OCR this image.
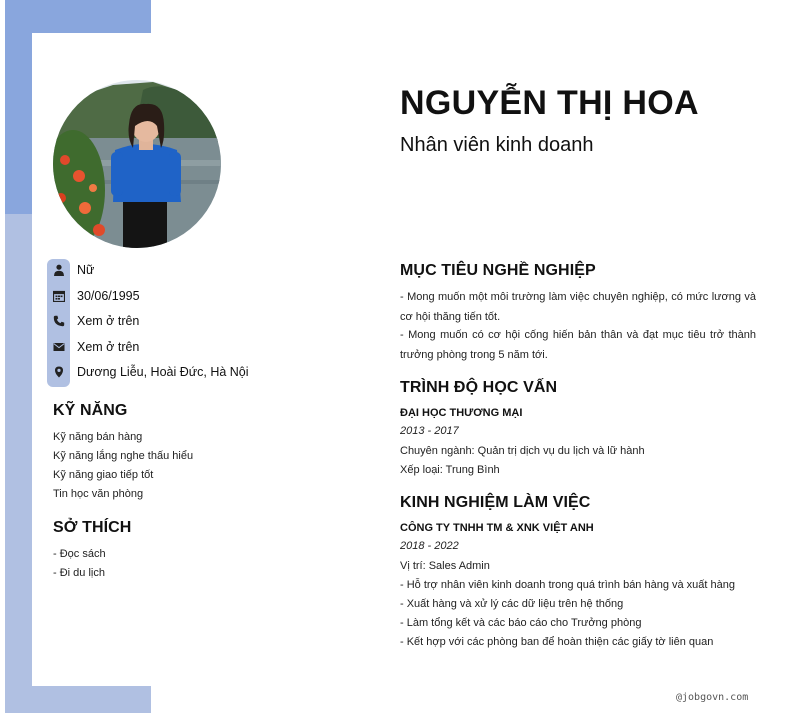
Nữ
30/06/1995
Xem ở trên
Xem ở trên
Dương Liễu, Hoài Đức, Hà Nội
KỸ NĂNG
Kỹ năng bán hàng
Kỹ năng lắng nghe thấu hiểu
Kỹ năng giao tiếp tốt
Tin học văn phòng
SỞ THÍCH
- Đọc sách
- Đi du lịch
NGUYỄN THỊ HOA
Nhân viên kinh doanh
MỤC TIÊU NGHỀ NGHIỆP
- Mong muốn một môi trường làm việc chuyên nghiệp, có mức lương và cơ hội thăng tiến tốt.
- Mong muốn có cơ hội cống hiến bản thân và đạt mục tiêu trở thành trưởng phòng trong 5 năm tới.
TRÌNH ĐỘ HỌC VẤN
ĐẠI HỌC THƯƠNG MẠI
2013 - 2017
Chuyên ngành: Quản trị dịch vụ du lịch và lữ hành
Xếp loại: Trung Bình
KINH NGHIỆM LÀM VIỆC
CÔNG TY TNHH TM & XNK VIỆT ANH
2018 - 2022
Vị trí: Sales Admin
- Hỗ trợ nhân viên kinh doanh trong quá trình bán hàng và xuất hàng
- Xuất hàng và xử lý các dữ liệu trên hệ thống
- Làm tổng kết và các báo cáo cho Trưởng phòng
- Kết hợp với các phòng ban để hoàn thiện các giấy tờ liên quan
@jobgovn.com
